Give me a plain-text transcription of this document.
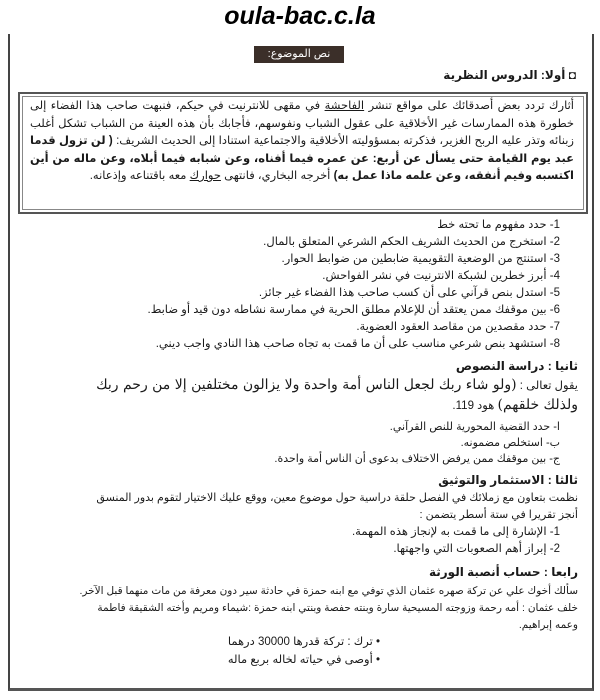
oula-bac.c.la
نص الموضوع:
◘ أولا: الدروس النظرية
أثارك تردد بعض أصدقائك على مواقع تنشر الفاحشة في مقهى للانترنيت في حيكم، فنبهت صاحب هذا الفضاء إلى خطورة هذه الممارسات غير الأخلاقية على عقول الشباب ونفوسهم، فأجابك بأن هذه العينة من الشباب تشكل أغلب زبنائه وتذر عليه الربح الغزير، فذكرته بمسؤوليته الأخلاقية والاجتماعية استنادا إلى الحديث الشريف: ( لن تزول قدما عبد يوم القيامة حتى يسأل عن أربع: عن عمره فيما أفناه، وعن شبابه فيما أبلاه، وعن ماله من أين اكتسبه وفيم أنفقه، وعن علمه ماذا عمل به) أخرجه البخاري، فانتهى حوارك معه باقتناعه وإذعانه.
1- حدد مفهوم ما تحته خط
2- استخرج من الحديث الشريف الحكم الشرعي المتعلق بالمال.
3- استنتج من الوضعية التقويمية ضابطين من ضوابط الحوار.
4- أبرز خطرين لشبكة الانترنيت في نشر الفواحش.
5- استدل بنص قرآني على أن كسب صاحب هذا الفضاء غير جائز.
6- بين موقفك ممن يعتقد أن للإعلام مطلق الحرية في ممارسة نشاطه دون قيد أو ضابط.
7- حدد مقصدين من مقاصد العقود العضوية.
8- استشهد بنص شرعي مناسب على أن ما قمت به تجاه صاحب هذا النادي واجب ديني.
ثانيا : دراسة النصوص
يقول تعالى : (ولو شاء ربك لجعل الناس أمة واحدة ولا يزالون مختلفين إلا من رحم ربك
ولذلك خلقهم) هود 119.
ا- حدد القضية المحورية للنص القرآني.
ب- استخلص مضمونه.
ج- بين موقفك ممن يرفض الاختلاف بدعوى أن الناس أمة واحدة.
ثالثا : الاستثمار والتوثيق
نظمت بتعاون مع زملائك في الفصل حلقة دراسية حول موضوع معين، ووقع عليك الاختيار لتقوم بدور المنسق
أنجز تقريرا في ستة أسطر يتضمن :
1- الإشارة إلى ما قمت به لإنجاز هذه المهمة.
2- إبراز أهم الصعوبات التي واجهتها.
رابعا : حساب أنصبة الورثة
سألك أخوك علي عن تركة صهره عثمان الذي توفي مع ابنه حمزة في حادثة سير دون معرفة من مات منهما قبل الآخر.
خلف عثمان : أمه رحمة وزوجته المسيحية سارة وبنته حفصة وبنتي ابنه حمزة :شيماء ومريم وأخته الشقيقة فاطمة
وعمه إبراهيم.
• ترك : تركة قدرها 30000 درهما
• أوصى في حياته لخاله بربع ماله
